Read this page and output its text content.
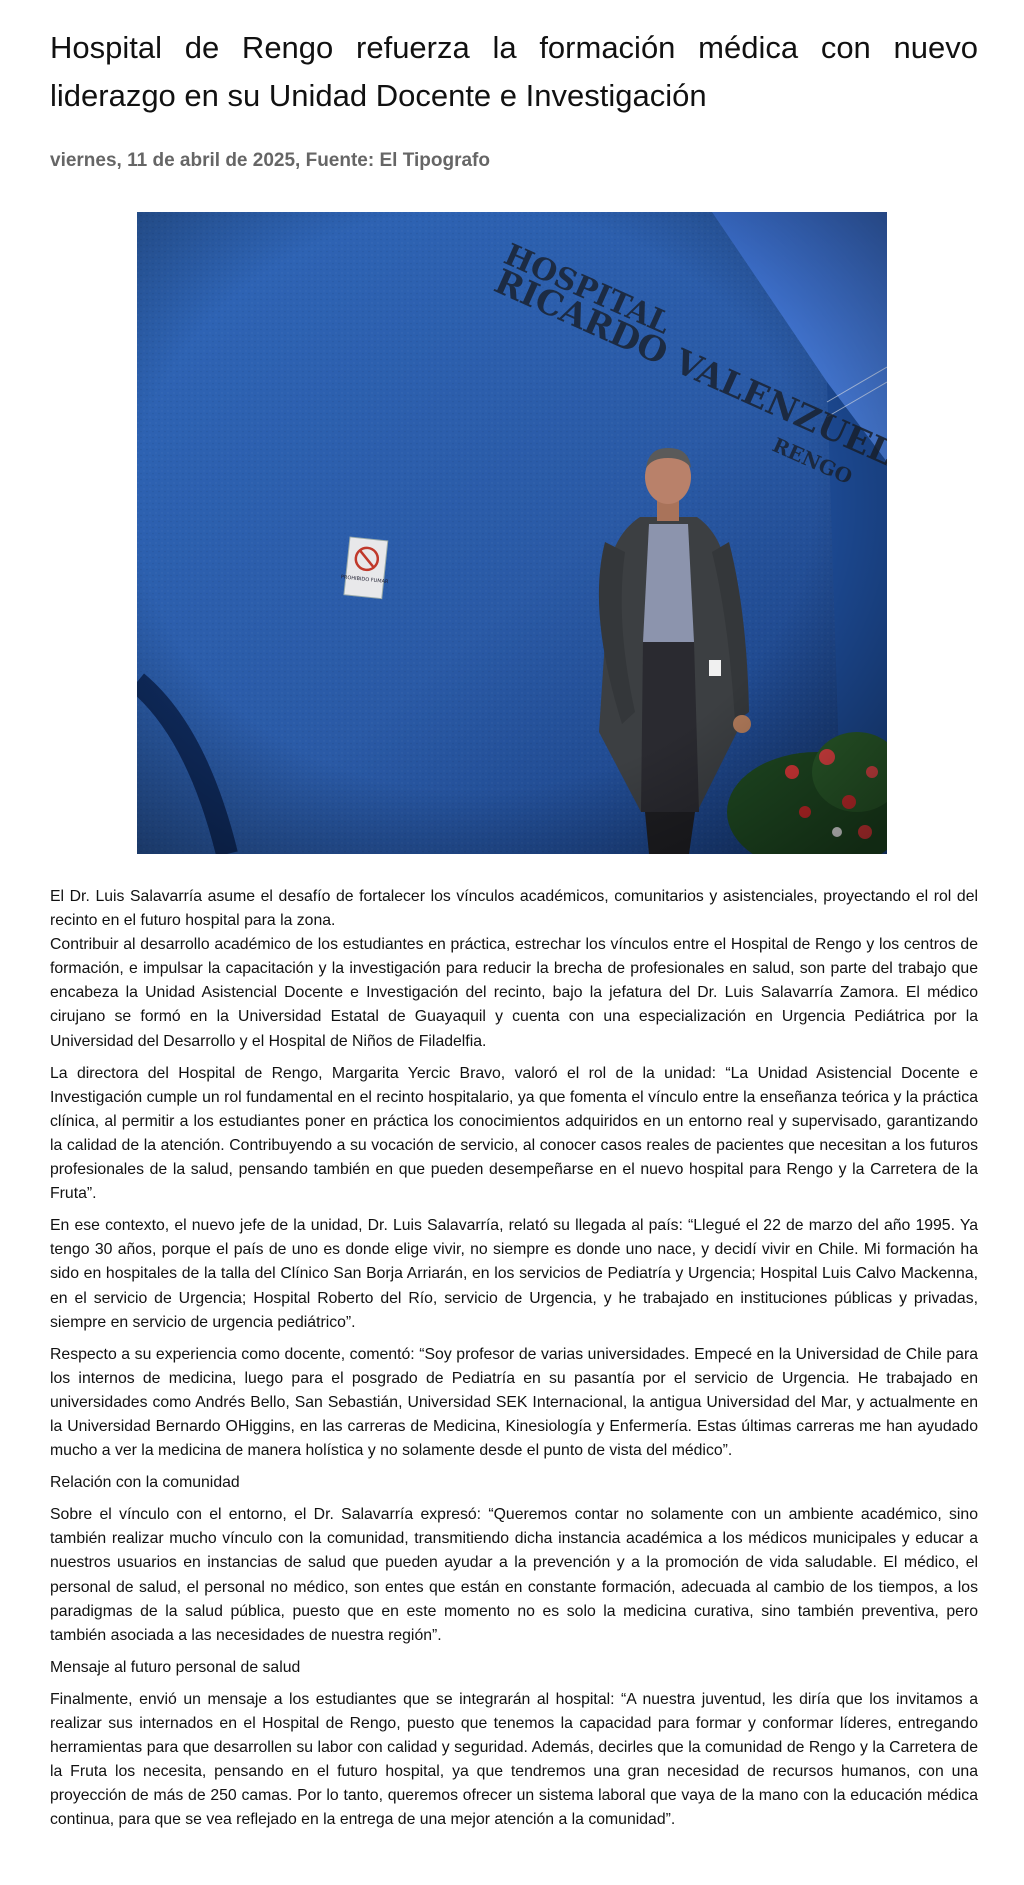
Hospital de Rengo refuerza la formación médica con nuevo liderazgo en su Unidad Docente e Investigación
viernes, 11 de abril de 2025, Fuente: El Tipografo

El Dr. Luis Salavarría asume el desafío de fortalecer los vínculos académicos, comunitarios y asistenciales, proyectando el rol del recinto en el futuro hospital para la zona.

Contribuir al desarrollo académico de los estudiantes en práctica, estrechar los vínculos entre el Hospital de Rengo y los centros de formación, e impulsar la capacitación y la investigación para reducir la brecha de profesionales en salud, son parte del trabajo que encabeza la Unidad Asistencial Docente e Investigación del recinto, bajo la jefatura del Dr. Luis Salavarría Zamora. El médico cirujano se formó en la Universidad Estatal de Guayaquil y cuenta con una especialización en Urgencia Pediátrica por la Universidad del Desarrollo y el Hospital de Niños de Filadelfia.

La directora del Hospital de Rengo, Margarita Yercic Bravo, valoró el rol de la unidad: “La Unidad Asistencial Docente e Investigación cumple un rol fundamental en el recinto hospitalario, ya que fomenta el vínculo entre la enseñanza teórica y la práctica clínica, al permitir a los estudiantes poner en práctica los conocimientos adquiridos en un entorno real y supervisado, garantizando la calidad de la atención. Contribuyendo a su vocación de servicio, al conocer casos reales de pacientes que necesitan a los futuros profesionales de la salud, pensando también en que pueden desempeñarse en el nuevo hospital para Rengo y la Carretera de la Fruta”.

En ese contexto, el nuevo jefe de la unidad, Dr. Luis Salavarría, relató su llegada al país: “Llegué el 22 de marzo del año 1995. Ya tengo 30 años, porque el país de uno es donde elige vivir, no siempre es donde uno nace, y decidí vivir en Chile. Mi formación ha sido en hospitales de la talla del Clínico San Borja Arriarán, en los servicios de Pediatría y Urgencia; Hospital Luis Calvo Mackenna, en el servicio de Urgencia; Hospital Roberto del Río, servicio de Urgencia, y he trabajado en instituciones públicas y privadas, siempre en servicio de urgencia pediátrico”.

Respecto a su experiencia como docente, comentó: “Soy profesor de varias universidades. Empecé en la Universidad de Chile para los internos de medicina, luego para el posgrado de Pediatría en su pasantía por el servicio de Urgencia. He trabajado en universidades como Andrés Bello, San Sebastián, Universidad SEK Internacional, la antigua Universidad del Mar, y actualmente en la Universidad Bernardo OHiggins, en las carreras de Medicina, Kinesiología y Enfermería. Estas últimas carreras me han ayudado mucho a ver la medicina de manera holística y no solamente desde el punto de vista del médico”.

Relación con la comunidad

Sobre el vínculo con el entorno, el Dr. Salavarría expresó: “Queremos contar no solamente con un ambiente académico, sino también realizar mucho vínculo con la comunidad, transmitiendo dicha instancia académica a los médicos municipales y educar a nuestros usuarios en instancias de salud que pueden ayudar a la prevención y a la promoción de vida saludable. El médico, el personal de salud, el personal no médico, son entes que están en constante formación, adecuada al cambio de los tiempos, a los paradigmas de la salud pública, puesto que en este momento no es solo la medicina curativa, sino también preventiva, pero también asociada a las necesidades de nuestra región”.

Mensaje al futuro personal de salud

Finalmente, envió un mensaje a los estudiantes que se integrarán al hospital: “A nuestra juventud, les diría que los invitamos a realizar sus internados en el Hospital de Rengo, puesto que tenemos la capacidad para formar y conformar líderes, entregando herramientas para que desarrollen su labor con calidad y seguridad. Además, decirles que la comunidad de Rengo y la Carretera de la Fruta los necesita, pensando en el futuro hospital, ya que tendremos una gran necesidad de recursos humanos, con una proyección de más de 250 camas. Por lo tanto, queremos ofrecer un sistema laboral que vaya de la mano con la educación médica continua, para que se vea reflejado en la entrega de una mejor atención a la comunidad”.
